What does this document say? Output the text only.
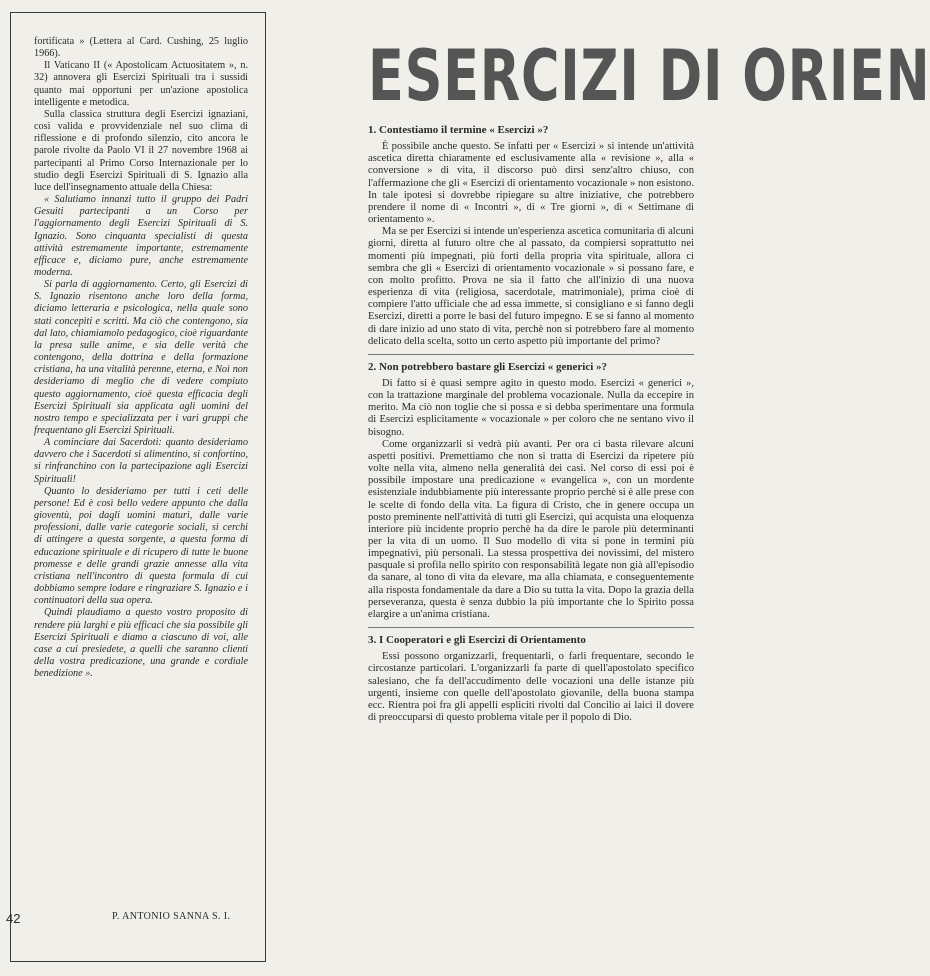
fortificata » (Lettera al Card. Cushing, 25 luglio 1966).

Il Vaticano II (« Apostolicam Actuositatem », n. 32) annovera gli Esercizi Spirituali tra i sussidi quanto mai opportuni per un'azione apostolica intelligente e metodica.

Sulla classica struttura degli Esercizi ignaziani, così valida e provvidenziale nel suo clima di riflessione e di profondo silenzio, cito ancora le parole rivolte da Paolo VI il 27 novembre 1968 ai partecipanti al Primo Corso Internazionale per lo studio degli Esercizi Spirituali di S. Ignazio alla luce dell'insegnamento attuale della Chiesa:

« Salutiamo innanzi tutto il gruppo dei Padri Gesuiti partecipanti a un Corso per l'aggiornamento degli Esercizi Spirituali di S. Ignazio. Sono cinquanta specialisti di questa attività estremamente importante, estremamente efficace e, diciamo pure, anche estremamente moderna.

Si parla di aggiornamento. Certo, gli Esercizi di S. Ignazio risentono anche loro della forma, diciamo letteraria e psicologica, nella quale sono stati concepiti e scritti. Ma ciò che contengono, sia dal lato, chiamiamolo pedagogico, cioè riguardante la presa sulle anime, e sia delle verità che contengono, della dottrina e della formazione cristiana, ha una vitalità perenne, eterna, e Noi non desideriamo di meglio che di vedere compiuto questo aggiornamento, cioè questa efficacia degli Esercizi Spirituali sia applicata agli uomini del nostro tempo e specializzata per i vari gruppi che frequentano gli Esercizi Spirituali.

A cominciare dai Sacerdoti: quanto desideriamo davvero che i Sacerdoti si alimentino, si confortino, si rinfranchino con la partecipazione agli Esercizi Spirituali!

Quanto lo desideriamo per tutti i ceti delle persone! Ed è così bello vedere appunto che dalla gioventù, poi dagli uomini maturi, dalle varie professioni, dalle varie categorie sociali, si cerchi di attingere a questa sorgente, a questa forma di educazione spirituale e di ricupero di tutte le buone promesse e delle grandi grazie annesse alla vita cristiana nell'incontro di questa formula di cui dobbiamo sempre lodare e ringraziare S. Ignazio e i continuatori della sua opera.

Quindi plaudiamo a questo vostro proposito di rendere più larghi e più efficaci che sia possibile gli Esercizi Spirituali e diamo a ciascuno di voi, alle case a cui presiedete, a quelli che saranno clienti della vostra predicazione, una grande e cordiale benedizione ».

42	P. ANTONIO SANNA S. I.
ESERCIZI DI ORIEN
1. Contestiamo il termine « Esercizi »?

È possibile anche questo. Se infatti per « Esercizi » si intende un'attività ascetica diretta chiaramente ed esclusivamente alla « revisione », alla « conversione » di vita, il discorso può dirsi senz'altro chiuso, con l'affermazione che gli « Esercizi di orientamento vocazionale » non esistono. In tale ipotesi si dovrebbe ripiegare su altre iniziative, che potrebbero prendere il nome di « Incontri », di « Tre giorni », di « Settimane di orientamento ».

Ma se per Esercizi si intende un'esperienza ascetica comunitaria di alcuni giorni, diretta al futuro oltre che al passato, da compiersi soprattutto nei momenti più impegnati, più forti della propria vita spirituale, allora ci sembra che gli « Esercizi di orientamento vocazionale » si possano fare, e con molto profitto. Prova ne sia il fatto che all'inizio di una nuova esperienza di vita (religiosa, sacerdotale, matrimoniale), prima cioè di compiere l'atto ufficiale che ad essa immette, si consigliano e si fanno degli Esercizi, diretti a porre le basi del futuro impegno. E se si fanno al momento di dare inizio ad uno stato di vita, perchè non si potrebbero fare al momento delicato della scelta, sotto un certo aspetto più importante del primo?

2. Non potrebbero bastare gli Esercizi « generici »?

Di fatto si è quasi sempre agito in questo modo. Esercizi « generici », con la trattazione marginale del problema vocazionale. Nulla da eccepire in merito. Ma ciò non toglie che si possa e si debba sperimentare una formula di Esercizi esplicitamente « vocazionale » per coloro che ne sentano vivo il bisogno.

Come organizzarli si vedrà più avanti. Per ora ci basta rilevare alcuni aspetti positivi. Premettiamo che non si tratta di Esercizi da ripetere più volte nella vita, almeno nella generalità dei casi. Nel corso di essi poi è possibile impostare una predicazione « evangelica », con un mordente esistenziale indubbiamente più interessante proprio perchè si è alle prese con le scelte di fondo della vita. La figura di Cristo, che in genere occupa un posto preminente nell'attività di tutti gli Esercizi, qui acquista una eloquenza interiore più incidente proprio perchè ha da dire le parole più determinanti per la vita di un uomo. Il Suo modello di vita si pone in termini più impegnativi, più personali. La stessa prospettiva dei novissimi, del mistero pasquale si profila nello spirito con responsabilità legate non già all'episodio da sanare, al tono di vita da elevare, ma alla chiamata, e conseguentemente alla risposta fondamentale da dare a Dio su tutta la vita. Dopo la grazia della perseveranza, questa è senza dubbio la più importante che lo Spirito possa elargire a un'anima cristiana.

3. I Cooperatori e gli Esercizi di Orientamento

Essi possono organizzarli, frequentarli, o farli frequentare, secondo le circostanze particolari. L'organizzarli fa parte di quell'apostolato specifico salesiano, che fa dell'accudimento delle vocazioni una delle istanze più urgenti, insieme con quelle dell'apostolato giovanile, della buona stampa ecc. Rientra poi fra gli appelli espliciti rivolti dal Concilio ai laici il dovere di preoccuparsi di questo problema vitale per il popolo di Dio.
